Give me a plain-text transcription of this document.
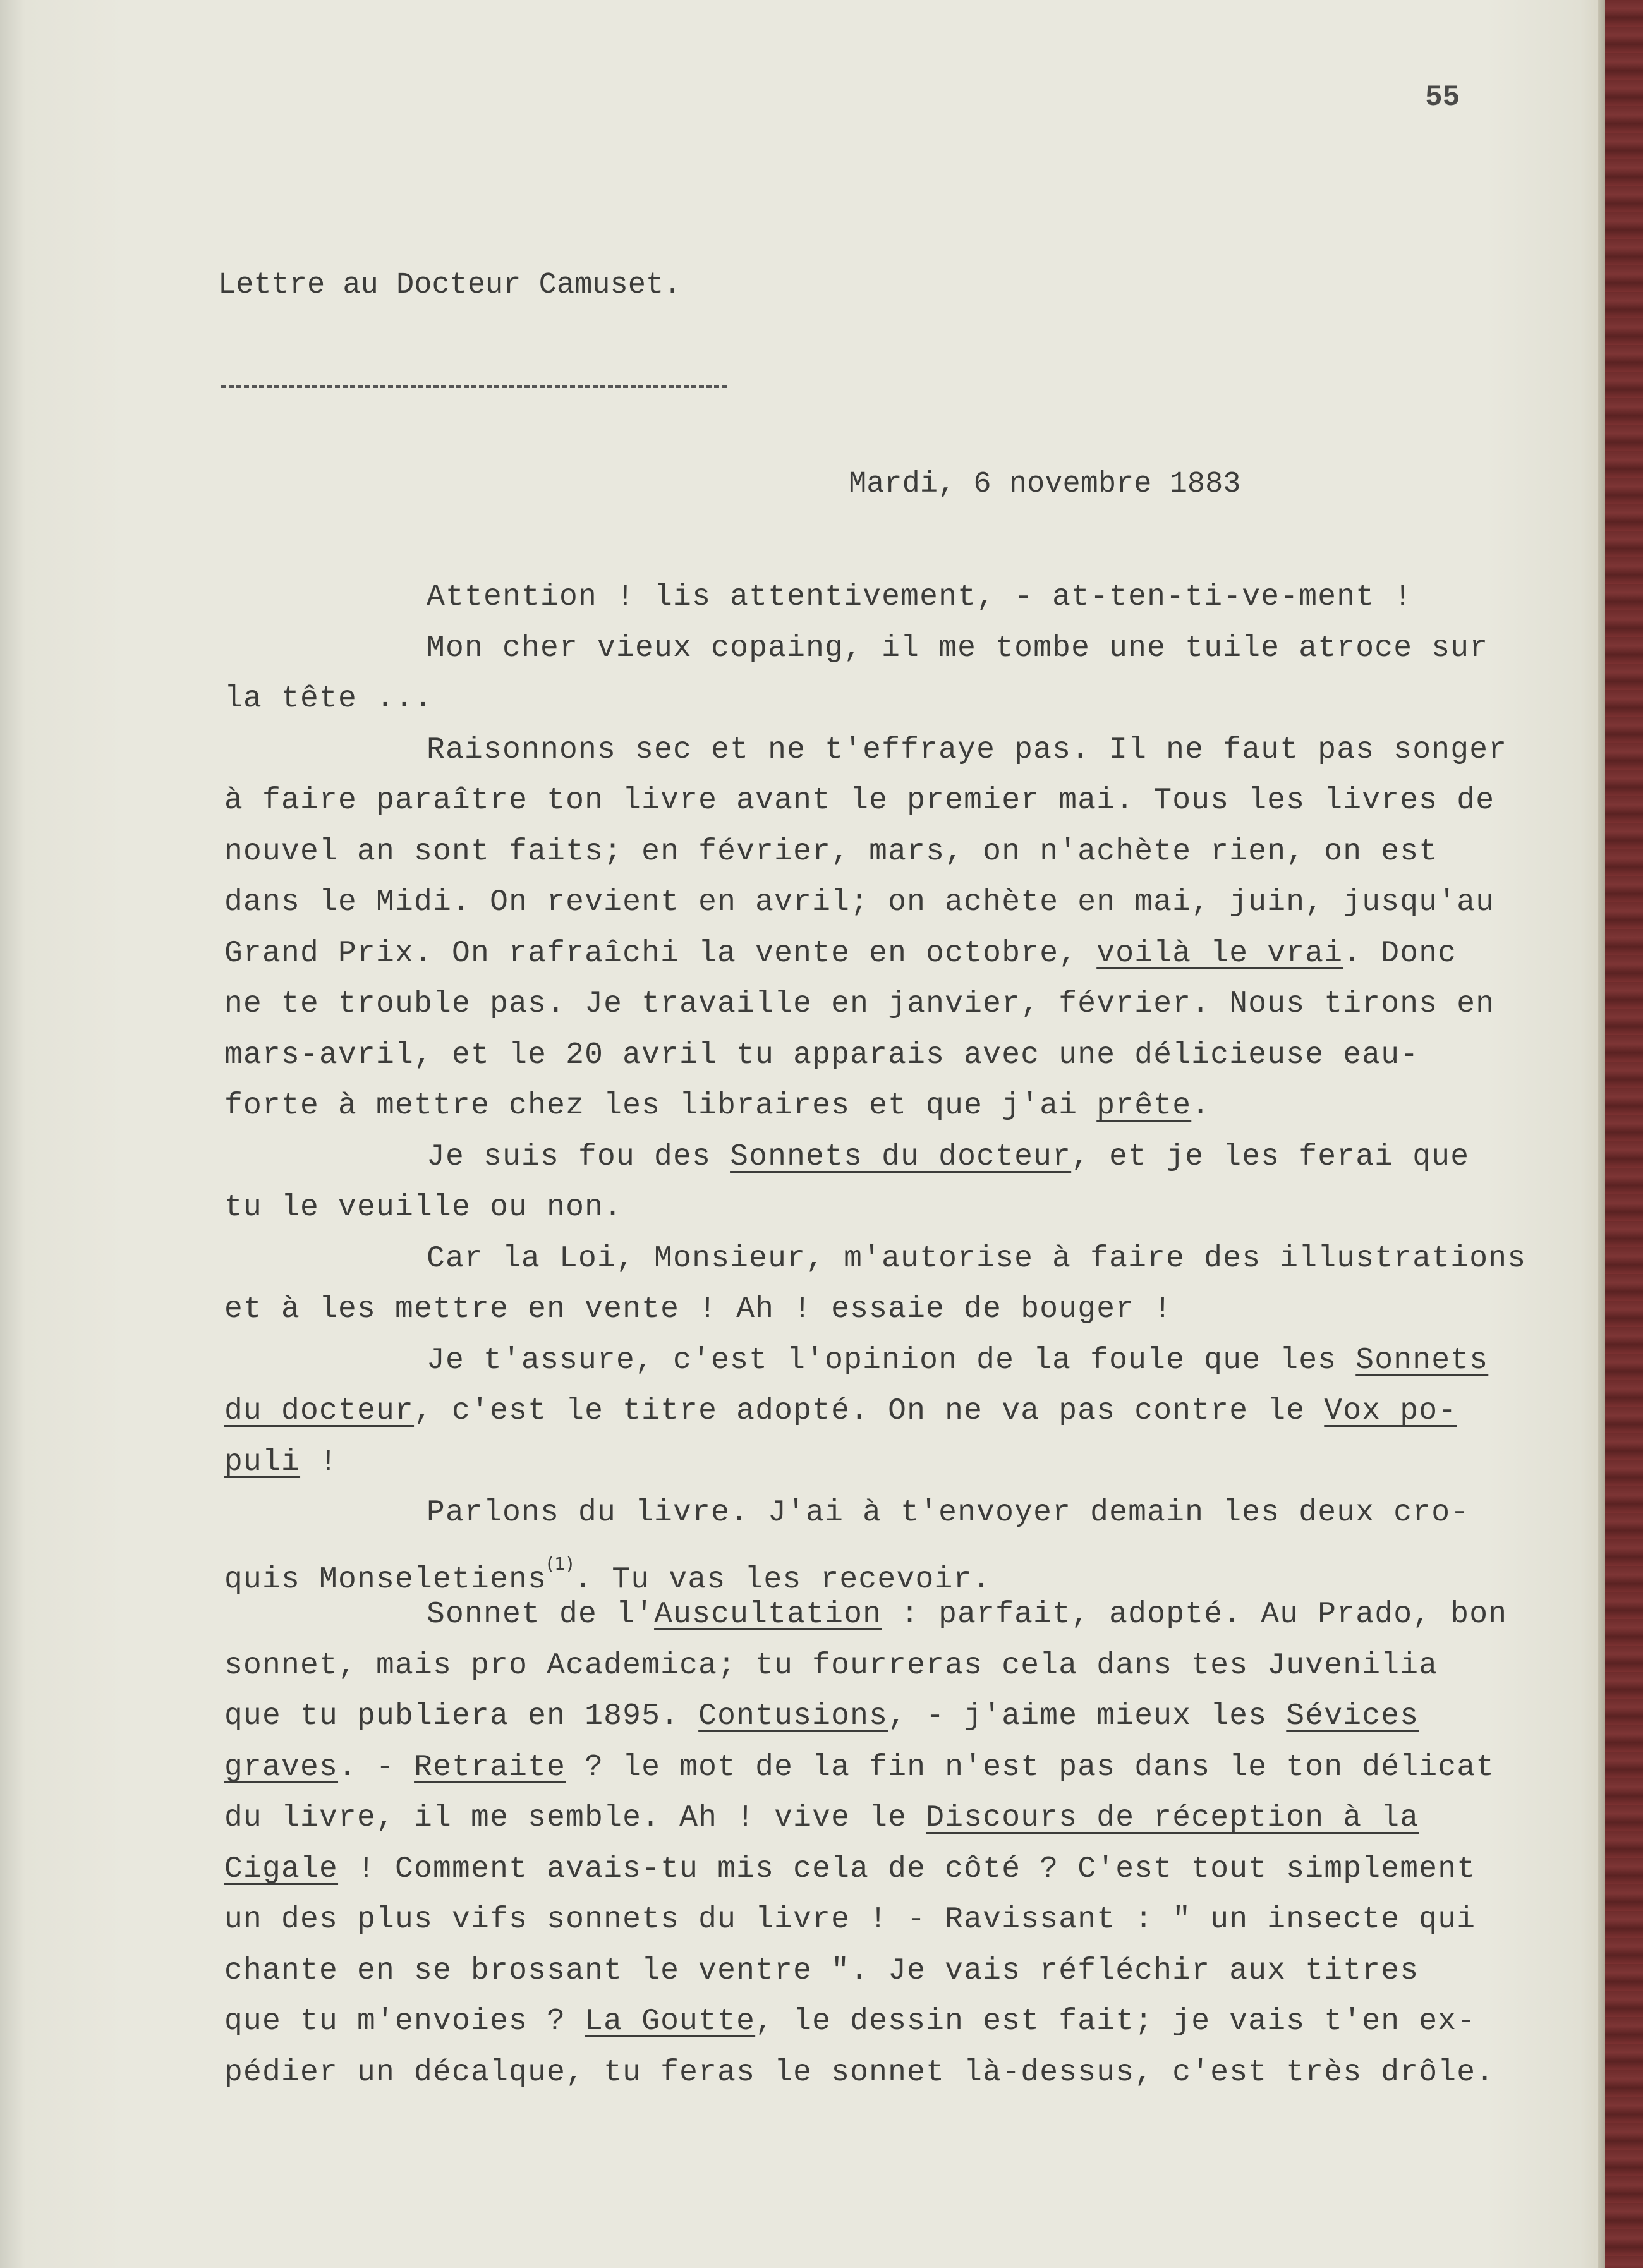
55
Lettre au Docteur Camuset.
Mardi, 6 novembre 1883
Attention ! lis attentivement, - at-ten-ti-ve-ment !
Mon cher vieux copaing, il me tombe une tuile atroce sur
la tête ...
Raisonnons sec et ne t'effraye pas. Il ne faut pas songer
à faire paraître ton livre avant le premier mai. Tous les livres de
nouvel an sont faits; en février, mars, on n'achète rien, on est
dans le Midi. On revient en avril; on achète en mai, juin, jusqu'au
Grand Prix. On rafraîchi la vente en octobre, voilà le vrai. Donc
ne te trouble pas. Je travaille en janvier, février. Nous tirons en
mars-avril, et le 20 avril tu apparais avec une délicieuse eau-
forte à mettre chez les libraires et que j'ai prête.
Je suis fou des Sonnets du docteur, et je les ferai que
tu le veuille ou non.
Car la Loi, Monsieur, m'autorise à faire des illustrations
et à les mettre en vente ! Ah ! essaie de bouger !
Je t'assure, c'est l'opinion de la foule que les Sonnets
du docteur, c'est le titre adopté. On ne va pas contre le Vox po-
puli !
Parlons du livre. J'ai à t'envoyer demain les deux cro-
quis Monseletiens$^{(1)}$. Tu vas les recevoir.
Sonnet de l'Auscultation : parfait, adopté. Au Prado, bon
sonnet, mais pro Academica; tu fourreras cela dans tes Juvenilia
que tu publiera en 1895. Contusions, - j'aime mieux les Sévices
graves. - Retraite ? le mot de la fin n'est pas dans le ton délicat
du livre, il me semble. Ah ! vive le Discours de réception à la
Cigale ! Comment avais-tu mis cela de côté ? C'est tout simplement
un des plus vifs sonnets du livre ! - Ravissant : " un insecte qui
chante en se brossant le ventre ". Je vais réfléchir aux titres
que tu m'envoies ? La Goutte, le dessin est fait; je vais t'en ex-
pédier un décalque, tu feras le sonnet là-dessus, c'est très drôle.
